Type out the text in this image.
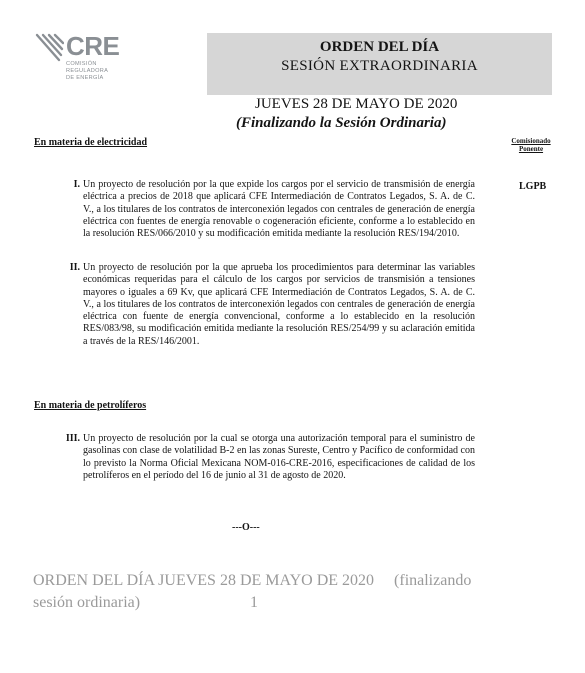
CRE
COMISIÓN
REGULADORA
DE ENERGÍA
ORDEN DEL DÍA
SESIÓN EXTRAORDINARIA
JUEVES 28 DE MAYO DE 2020
(Finalizando la Sesión Ordinaria)
En materia de electricidad	Comisionado
Ponente
I. Un proyecto de resolución por la que expide los cargos por el servicio de transmisión de energía eléctrica a precios de 2018 que aplicará CFE Intermediación de Contratos Legados, S. A. de C. V., a los titulares de los contratos de interconexión legados con centrales de generación de energía eléctrica con fuentes de energía renovable o cogeneración eficiente, conforme a lo establecido en la resolución RES/066/2010 y su modificación emitida mediante la resolución RES/194/2010.
LGPB
II. Un proyecto de resolución por la que aprueba los procedimientos para determinar las variables económicas requeridas para el cálculo de los cargos por servicios de transmisión a tensiones mayores o iguales a 69 Kv, que aplicará CFE Intermediación de Contratos Legados, S. A. de C. V., a los titulares de los contratos de interconexión legados con centrales de generación de energía eléctrica con fuente de energía convencional, conforme a lo establecido en la resolución RES/083/98, su modificación emitida mediante la resolución RES/254/99 y su aclaración emitida a través de la RES/146/2001.
En materia de petrolíferos
III. Un proyecto de resolución por la cual se otorga una autorización temporal para el suministro de gasolinas con clase de volatilidad B-2 en las zonas Sureste, Centro y Pacífico de conformidad con lo previsto la Norma Oficial Mexicana NOM-016-CRE-2016, especificaciones de calidad de los petrolíferos en el período del 16 de junio al 31 de agosto de 2020.
---O---
ORDEN DEL DÍA JUEVES 28 DE MAYO DE 2020     (finalizando
sesión ordinaria)	1
